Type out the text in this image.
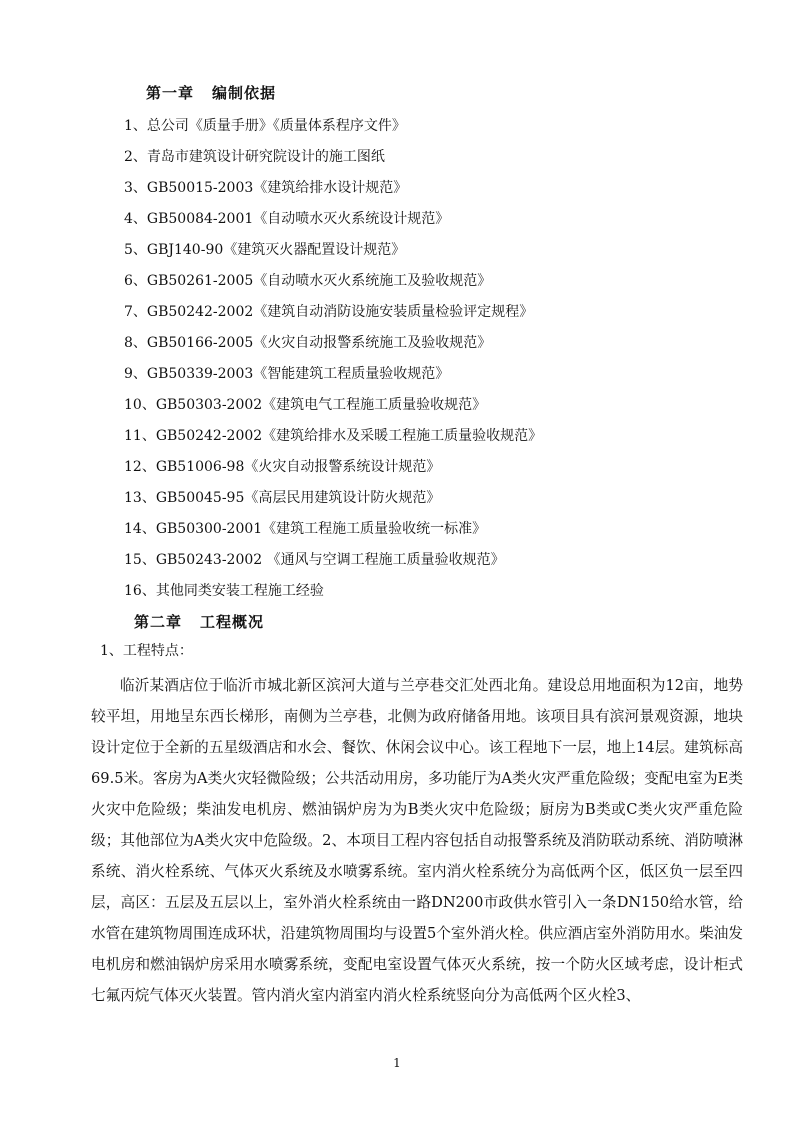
第一章 编制依据
1、总公司《质量手册》《质量体系程序文件》
2、青岛市建筑设计研究院设计的施工图纸
3、GB50015-2003《建筑给排水设计规范》
4、GB50084-2001《自动喷水灭火系统设计规范》
5、GBJ140-90《建筑灭火器配置设计规范》
6、GB50261-2005《自动喷水灭火系统施工及验收规范》
7、GB50242-2002《建筑自动消防设施安装质量检验评定规程》
8、GB50166-2005《火灾自动报警系统施工及验收规范》
9、GB50339-2003《智能建筑工程质量验收规范》
10、GB50303-2002《建筑电气工程施工质量验收规范》
11、GB50242-2002《建筑给排水及采暖工程施工质量验收规范》
12、GB51006-98《火灾自动报警系统设计规范》
13、GB50045-95《高层民用建筑设计防火规范》
14、GB50300-2001《建筑工程施工质量验收统一标准》
15、GB50243-2002 《通风与空调工程施工质量验收规范》
16、其他同类安装工程施工经验
第二章 工程概况
1、工程特点：

临沂某酒店位于临沂市城北新区滨河大道与兰亭巷交汇处西北角。建设总用地面积为12亩，地势较平坦，用地呈东西长梯形，南侧为兰亭巷，北侧为政府储备用地。该项目具有滨河景观资源，地块设计定位于全新的五星级酒店和水会、餐饮、休闲会议中心。该工程地下一层，地上14层。建筑标高69.5米。客房为A类火灾轻微险级；公共活动用房，多功能厅为A类火灾严重危险级；变配电室为E类火灾中危险级；柴油发电机房、燃油锅炉房为为B类火灾中危险级；厨房为B类或C类火灾严重危险级；其他部位为A类火灾中危险级。2、本项目工程内容包括自动报警系统及消防联动系统、消防喷淋系统、消火栓系统、气体灭火系统及水喷雾系统。室内消火栓系统分为高低两个区，低区负一层至四层，高区：五层及五层以上，室外消火栓系统由一路DN200市政供水管引入一条DN150给水管，给水管在建筑物周围连成环状，沿建筑物周围均与设置5个室外消火栓。供应酒店室外消防用水。柴油发电机房和燃油锅炉房采用水喷雾系统，变配电室设置气体灭火系统，按一个防火区域考虑，设计柜式七氟丙烷气体灭火装置。管内消火室内消室内消火栓系统竖向分为高低两个区火栓3、

1
